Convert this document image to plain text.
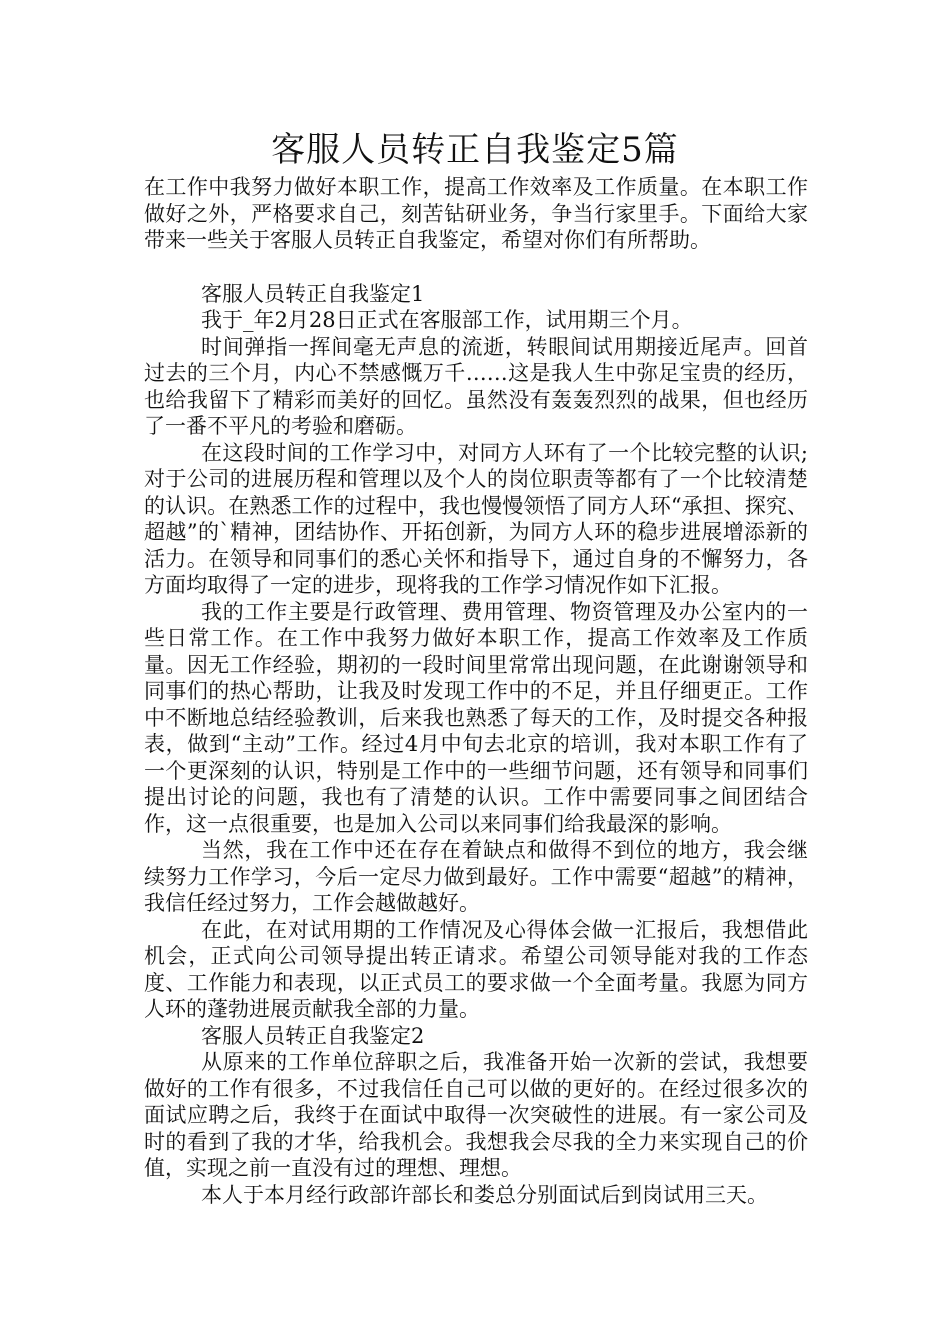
客服人员转正自我鉴定5篇

在工作中我努力做好本职工作，提高工作效率及工作质量。在本职工作做好之外，严格要求自己，刻苦钻研业务，争当行家里手。下面给大家带来一些关于客服人员转正自我鉴定，希望对你们有所帮助。

客服人员转正自我鉴定1

我于_年2月28日正式在客服部工作，试用期三个月。

时间弹指一挥间毫无声息的流逝，转眼间试用期接近尾声。回首过去的三个月，内心不禁感慨万千……这是我人生中弥足宝贵的经历，也给我留下了精彩而美好的回忆。虽然没有轰轰烈烈的战果，但也经历了一番不平凡的考验和磨砺。

在这段时间的工作学习中，对同方人环有了一个比较完整的认识;对于公司的进展历程和管理以及个人的岗位职责等都有了一个比较清楚的认识。在熟悉工作的过程中，我也慢慢领悟了同方人环“承担、探究、超越”的`精神，团结协作、开拓创新，为同方人环的稳步进展增添新的活力。在领导和同事们的悉心关怀和指导下，通过自身的不懈努力，各方面均取得了一定的进步，现将我的工作学习情况作如下汇报。

我的工作主要是行政管理、费用管理、物资管理及办公室内的一些日常工作。在工作中我努力做好本职工作，提高工作效率及工作质量。因无工作经验，期初的一段时间里常常出现问题，在此谢谢领导和同事们的热心帮助，让我及时发现工作中的不足，并且仔细更正。工作中不断地总结经验教训，后来我也熟悉了每天的工作，及时提交各种报表，做到“主动”工作。经过4月中旬去北京的培训，我对本职工作有了一个更深刻的认识，特别是工作中的一些细节问题，还有领导和同事们提出讨论的问题，我也有了清楚的认识。工作中需要同事之间团结合作，这一点很重要，也是加入公司以来同事们给我最深的影响。

当然，我在工作中还在存在着缺点和做得不到位的地方，我会继续努力工作学习，今后一定尽力做到最好。工作中需要“超越”的精神，我信任经过努力，工作会越做越好。

在此，在对试用期的工作情况及心得体会做一汇报后，我想借此机会，正式向公司领导提出转正请求。希望公司领导能对我的工作态度、工作能力和表现，以正式员工的要求做一个全面考量。我愿为同方人环的蓬勃进展贡献我全部的力量。

客服人员转正自我鉴定2

从原来的工作单位辞职之后，我准备开始一次新的尝试，我想要做好的工作有很多，不过我信任自己可以做的更好的。在经过很多次的面试应聘之后，我终于在面试中取得一次突破性的进展。有一家公司及时的看到了我的才华，给我机会。我想我会尽我的全力来实现自己的价值，实现之前一直没有过的理想、理想。

本人于本月经行政部许部长和娄总分别面试后到岗试用三天。
